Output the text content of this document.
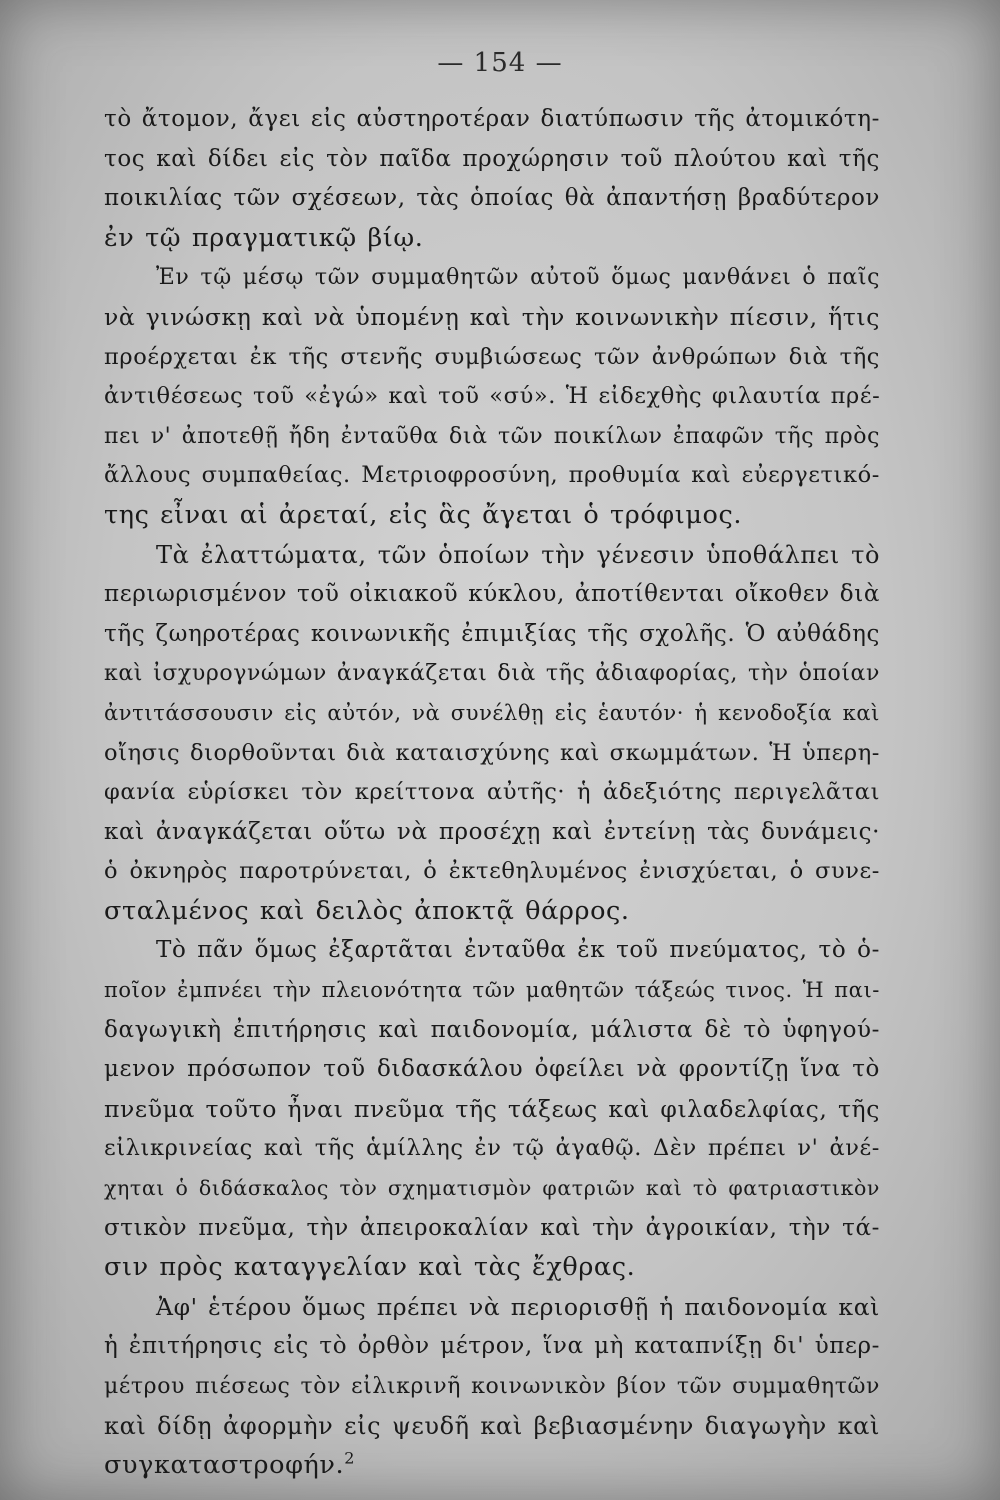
— 154 —
τὸ ἄτομον, ἄγει εἰς αὐστηροτέραν διατύπωσιν τῆς ἀτομικότη-
τος καὶ δίδει εἰς τὸν παῖδα προχώρησιν τοῦ πλούτου καὶ τῆς
ποικιλίας τῶν σχέσεων, τὰς ὁποίας θὰ ἀπαντήσῃ βραδύτερον
ἐν τῷ πραγματικῷ βίῳ.
Ἐν τῷ μέσῳ τῶν συμμαθητῶν αὐτοῦ ὅμως μανθάνει ὁ παῖς
νὰ γινώσκῃ καὶ νὰ ὑπομένῃ καὶ τὴν κοινωνικὴν πίεσιν, ἥτις
προέρχεται ἐκ τῆς στενῆς συμβιώσεως τῶν ἀνθρώπων διὰ τῆς
ἀντιθέσεως τοῦ «ἐγώ» καὶ τοῦ «σύ». Ἡ εἰδεχθὴς φιλαυτία πρέ-
πει ν' ἀποτεθῇ ἤδη ἐνταῦθα διὰ τῶν ποικίλων ἐπαφῶν τῆς πρὸς
ἄλλους συμπαθείας. Μετριοφροσύνη, προθυμία καὶ εὐεργετικό-
της εἶναι αἱ ἀρεταί, εἰς ἃς ἄγεται ὁ τρόφιμος.
Τὰ ἐλαττώματα, τῶν ὁποίων τὴν γένεσιν ὑποθάλπει τὸ
περιωρισμένον τοῦ οἰκιακοῦ κύκλου, ἀποτίθενται οἴκοθεν διὰ
τῆς ζωηροτέρας κοινωνικῆς ἐπιμιξίας τῆς σχολῆς. Ὁ αὐθάδης
καὶ ἰσχυρογνώμων ἀναγκάζεται διὰ τῆς ἀδιαφορίας, τὴν ὁποίαν
ἀντιτάσσουσιν εἰς αὐτόν, νὰ συνέλθῃ εἰς ἑαυτόν· ἡ κενοδοξία καὶ
οἴησις διορθοῦνται διὰ καταισχύνης καὶ σκωμμάτων. Ἡ ὑπερη-
φανία εὑρίσκει τὸν κρείττονα αὐτῆς· ἡ ἀδεξιότης περιγελᾶται
καὶ ἀναγκάζεται οὕτω νὰ προσέχῃ καὶ ἐντείνῃ τὰς δυνάμεις·
ὁ ὀκνηρὸς παροτρύνεται, ὁ ἐκτεθηλυμένος ἐνισχύεται, ὁ συνε-
σταλμένος καὶ δειλὸς ἀποκτᾷ θάρρος.
Τὸ πᾶν ὅμως ἐξαρτᾶται ἐνταῦθα ἐκ τοῦ πνεύματος, τὸ ὁ-
ποῖον ἐμπνέει τὴν πλειονότητα τῶν μαθητῶν τάξεώς τινος. Ἡ παι-
δαγωγικὴ ἐπιτήρησις καὶ παιδονομία, μάλιστα δὲ τὸ ὑφηγού-
μενον πρόσωπον τοῦ διδασκάλου ὀφείλει νὰ φροντίζῃ ἵνα τὸ
πνεῦμα τοῦτο ἦναι πνεῦμα τῆς τάξεως καὶ φιλαδελφίας, τῆς
εἰλικρινείας καὶ τῆς ἁμίλλης ἐν τῷ ἀγαθῷ. Δὲν πρέπει ν' ἀνέ-
χηται ὁ διδάσκαλος τὸν σχηματισμὸν φατριῶν καὶ τὸ φατριαστικὸν
στικὸν πνεῦμα, τὴν ἀπειροκαλίαν καὶ τὴν ἀγροικίαν, τὴν τά-
σιν πρὸς καταγγελίαν καὶ τὰς ἔχθρας.
Ἀφ' ἑτέρου ὅμως πρέπει νὰ περιορισθῇ ἡ παιδονομία καὶ
ἡ ἐπιτήρησις εἰς τὸ ὀρθὸν μέτρον, ἵνα μὴ καταπνίξῃ δι' ὑπερ-
μέτρου πιέσεως τὸν εἰλικρινῆ κοινωνικὸν βίον τῶν συμμαθητῶν
καὶ δίδῃ ἀφορμὴν εἰς ψευδῆ καὶ βεβιασμένην διαγωγὴν καὶ
συγκαταστροφήν.$^2$
